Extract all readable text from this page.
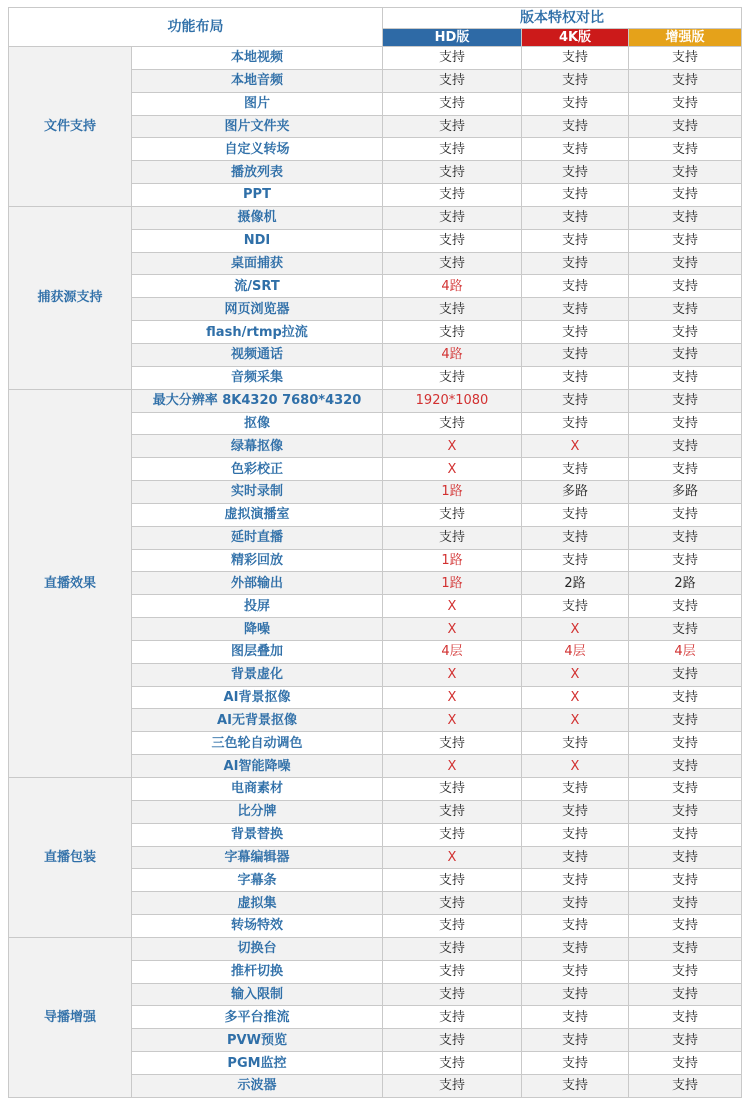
功能布局		版本特权对比		
		HD版	4K版	增强版
文件支持	本地视频	支持	支持	支持
	本地音频	支持	支持	支持
	图片	支持	支持	支持
	图片文件夹	支持	支持	支持
	自定义转场	支持	支持	支持
	播放列表	支持	支持	支持
	PPT	支持	支持	支持
捕获源支持	摄像机	支持	支持	支持
	NDI	支持	支持	支持
	桌面捕获	支持	支持	支持
	流/SRT	4路	支持	支持
	网页浏览器	支持	支持	支持
	flash/rtmp拉流	支持	支持	支持
	视频通话	4路	支持	支持
	音频采集	支持	支持	支持
直播效果	最大分辨率 8K4320 7680*4320	1920*1080	支持	支持
	抠像	支持	支持	支持
	绿幕抠像	X	X	支持
	色彩校正	X	支持	支持
	实时录制	1路	多路	多路
	虚拟演播室	支持	支持	支持
	延时直播	支持	支持	支持
	精彩回放	1路	支持	支持
	外部输出	1路	2路	2路
	投屏	X	支持	支持
	降噪	X	X	支持
	图层叠加	4层	4层	4层
	背景虚化	X	X	支持
	AI背景抠像	X	X	支持
	AI无背景抠像	X	X	支持
	三色轮自动调色	支持	支持	支持
	AI智能降噪	X	X	支持
直播包装	电商素材	支持	支持	支持
	比分牌	支持	支持	支持
	背景替换	支持	支持	支持
	字幕编辑器	X	支持	支持
	字幕条	支持	支持	支持
	虚拟集	支持	支持	支持
	转场特效	支持	支持	支持
导播增强	切换台	支持	支持	支持
	推杆切换	支持	支持	支持
	输入限制	支持	支持	支持
	多平台推流	支持	支持	支持
	PVW预览	支持	支持	支持
	PGM监控	支持	支持	支持
	示波器	支持	支持	支持
